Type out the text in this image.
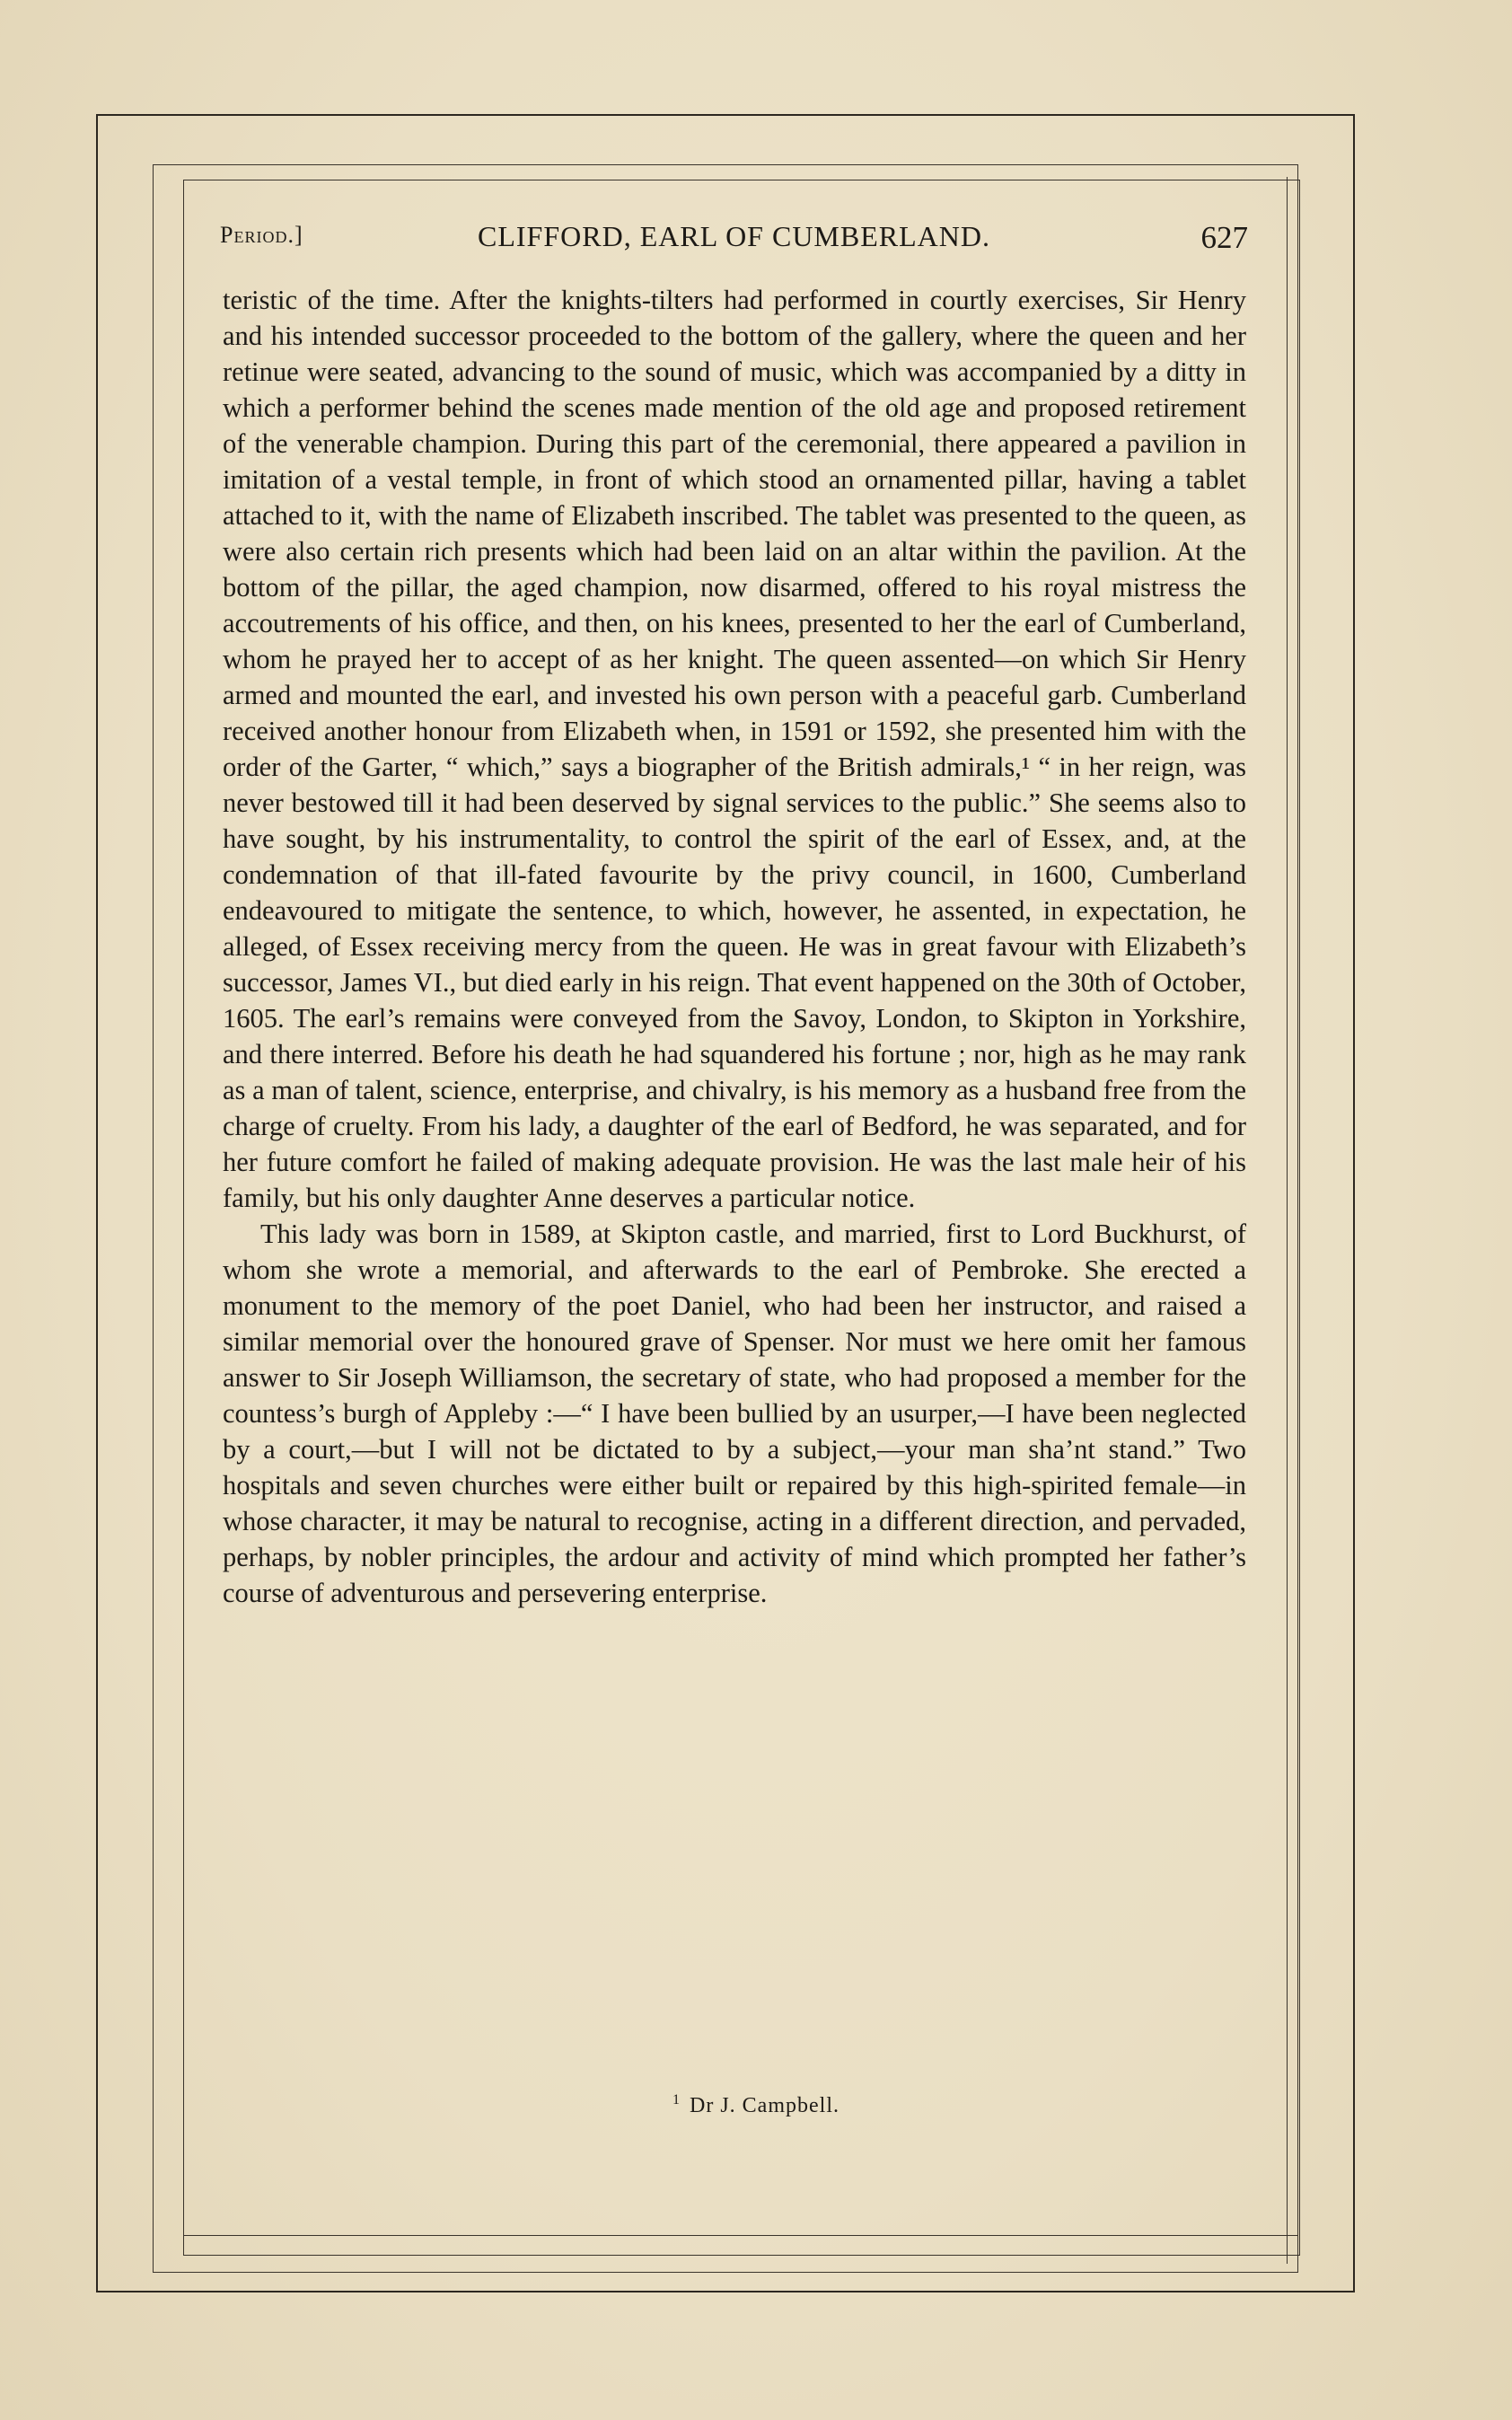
Period.]	CLIFFORD, EARL OF CUMBERLAND.	627

teristic of the time. After the knights-tilters had performed in courtly exercises, Sir Henry and his intended successor proceeded to the bottom of the gallery, where the queen and her retinue were seated, advancing to the sound of music, which was accompanied by a ditty in which a performer behind the scenes made mention of the old age and proposed retirement of the venerable champion. During this part of the ceremonial, there appeared a pavilion in imitation of a vestal temple, in front of which stood an ornamented pillar, having a tablet attached to it, with the name of Elizabeth inscribed. The tablet was presented to the queen, as were also certain rich presents which had been laid on an altar within the pavilion. At the bottom of the pillar, the aged champion, now disarmed, offered to his royal mistress the accoutrements of his office, and then, on his knees, presented to her the earl of Cumberland, whom he prayed her to accept of as her knight. The queen assented—on which Sir Henry armed and mounted the earl, and invested his own person with a peaceful garb. Cumberland received another honour from Elizabeth when, in 1591 or 1592, she presented him with the order of the Garter, “ which,” says a biographer of the British admirals,¹ “ in her reign, was never bestowed till it had been deserved by signal services to the public.” She seems also to have sought, by his instrumentality, to control the spirit of the earl of Essex, and, at the condemnation of that ill-fated favourite by the privy council, in 1600, Cumberland endeavoured to mitigate the sentence, to which, however, he assented, in expectation, he alleged, of Essex receiving mercy from the queen. He was in great favour with Elizabeth’s successor, James VI., but died early in his reign. That event happened on the 30th of October, 1605. The earl’s remains were conveyed from the Savoy, London, to Skipton in Yorkshire, and there interred. Before his death he had squandered his fortune ; nor, high as he may rank as a man of talent, science, enterprise, and chivalry, is his memory as a husband free from the charge of cruelty. From his lady, a daughter of the earl of Bedford, he was separated, and for her future comfort he failed of making adequate provision. He was the last male heir of his family, but his only daughter Anne deserves a particular notice.

This lady was born in 1589, at Skipton castle, and married, first to Lord Buckhurst, of whom she wrote a memorial, and afterwards to the earl of Pembroke. She erected a monument to the memory of the poet Daniel, who had been her instructor, and raised a similar memorial over the honoured grave of Spenser. Nor must we here omit her famous answer to Sir Joseph Williamson, the secretary of state, who had proposed a member for the countess’s burgh of Appleby :—“ I have been bullied by an usurper,—I have been neglected by a court,—but I will not be dictated to by a subject,—your man sha’nt stand.” Two hospitals and seven churches were either built or repaired by this high-spirited female—in whose character, it may be natural to recognise, acting in a different direction, and pervaded, perhaps, by nobler principles, the ardour and activity of mind which prompted her father’s course of adventurous and persevering enterprise.

$^1$ Dr J. Campbell.
